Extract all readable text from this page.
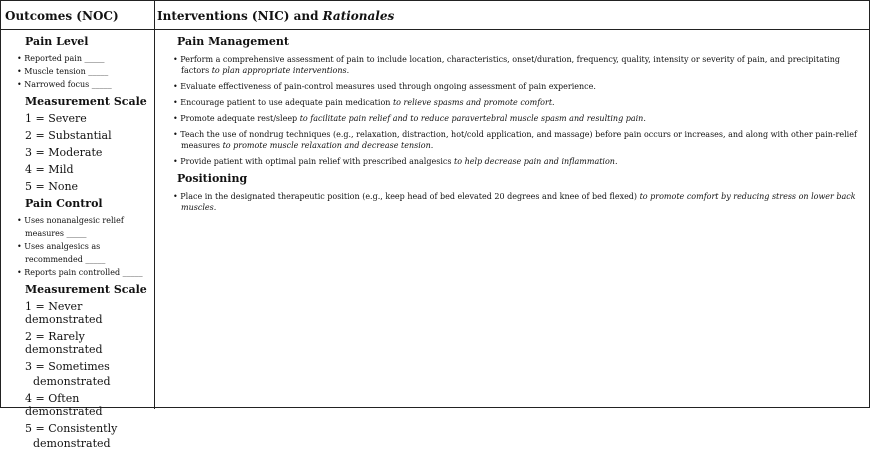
Outcomes (NOC)	Interventions (NIC) and Rationales
Pain Level
• Reported pain _____
• Muscle tension _____
• Narrowed focus _____
Measurement Scale
1 = Severe
2 = Substantial
3 = Moderate
4 = Mild
5 = None
Pain Control
• Uses nonanalgesic relief measures _____
• Uses analgesics as recommended _____
• Reports pain controlled _____
Measurement Scale
1 = Never demonstrated
2 = Rarely demonstrated
3 = Sometimes
demonstrated
4 = Often demonstrated
5 = Consistently
demonstrated
Pain Management
• Perform a comprehensive assessment of pain to include location, characteristics, onset/duration, frequency, quality, intensity or severity of pain, and precipitating factors to plan appropriate interventions.
• Evaluate effectiveness of pain-control measures used through ongoing assessment of pain experience.
• Encourage patient to use adequate pain medication to relieve spasms and promote comfort.
• Promote adequate rest/sleep to facilitate pain relief and to reduce paravertebral muscle spasm and resulting pain.
• Teach the use of nondrug techniques (e.g., relaxation, distraction, hot/cold application, and massage) before pain occurs or increases, and along with other pain-relief measures to promote muscle relaxation and decrease tension.
• Provide patient with optimal pain relief with prescribed analgesics to help decrease pain and inflammation.
Positioning
• Place in the designated therapeutic position (e.g., keep head of bed elevated 20 degrees and knee of bed flexed) to promote comfort by reducing stress on lower back muscles.
